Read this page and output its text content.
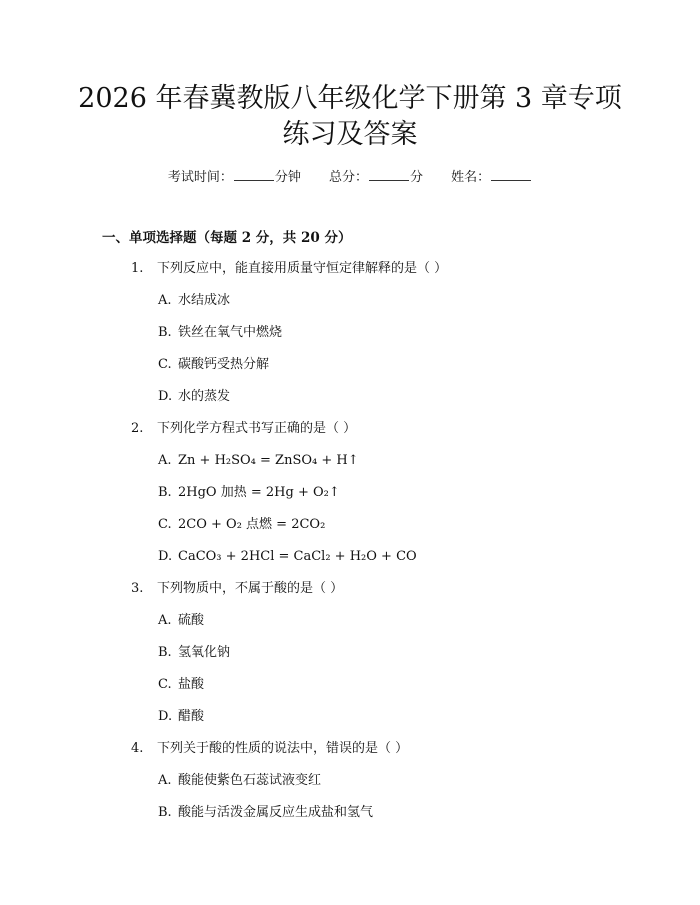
2026 年春冀教版八年级化学下册第 3 章专项
练习及答案
考试时间：	分钟 总分：	分 姓名：
一、单项选择题（每题 2 分，共 20 分）
1. 下列反应中，能直接用质量守恒定律解释的是（ ）
A. 水结成冰
B. 铁丝在氧气中燃烧
C. 碳酸钙受热分解
D. 水的蒸发
2. 下列化学方程式书写正确的是（ ）
A. Zn + H₂SO₄ = ZnSO₄ + H↑
B. 2HgO 加热 = 2Hg + O₂↑
C. 2CO + O₂ 点燃 = 2CO₂
D. CaCO₃ + 2HCl = CaCl₂ + H₂O + CO
3. 下列物质中，不属于酸的是（ ）
A. 硫酸
B. 氢氧化钠
C. 盐酸
D. 醋酸
4. 下列关于酸的性质的说法中，错误的是（ ）
A. 酸能使紫色石蕊试液变红
B. 酸能与活泼金属反应生成盐和氢气
